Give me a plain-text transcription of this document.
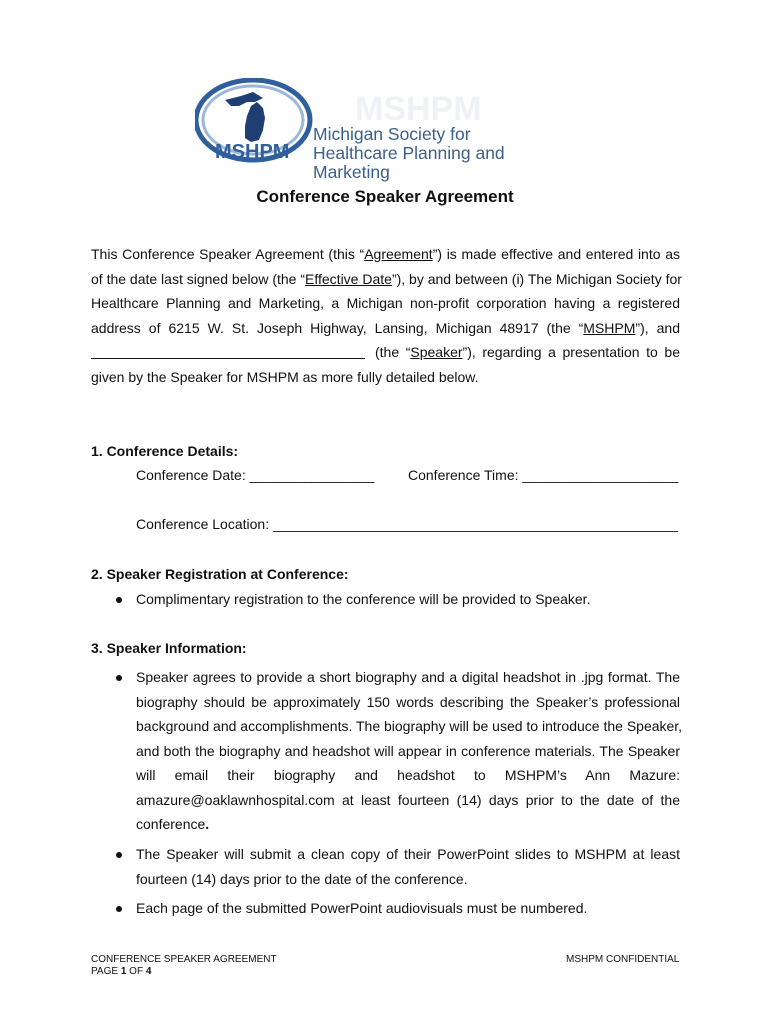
MSHPM
MSHPM
Michigan Society for
Healthcare Planning and Marketing
Conference Speaker Agreement
This Conference Speaker Agreement (this “Agreement”) is made effective and entered into as
of the date last signed below (the “Effective Date”), by and between (i) The Michigan Society for
Healthcare Planning and Marketing, a Michigan non-profit corporation having a registered
address of 6215 W. St. Joseph Highway, Lansing, Michigan 48917 (the “MSHPM”), and
(the “Speaker”), regarding a presentation to be
given by the Speaker for MSHPM as more fully detailed below.
1. Conference Details:
Conference Date: ________________ Conference Time: ____________________
Conference Location: ____________________________________________________
2. Speaker Registration at Conference:
Complimentary registration to the conference will be provided to Speaker.
3. Speaker Information:
Speaker agrees to provide a short biography and a digital headshot in .jpg format. The
biography should be approximately 150 words describing the Speaker’s professional
background and accomplishments. The biography will be used to introduce the Speaker,
and both the biography and headshot will appear in conference materials. The Speaker
will email their biography and headshot to MSHPM’s Ann Mazure:
amazure@oaklawnhospital.com at least fourteen (14) days prior to the date of the
conference.
The Speaker will submit a clean copy of their PowerPoint slides to MSHPM at least
fourteen (14) days prior to the date of the conference.
Each page of the submitted PowerPoint audiovisuals must be numbered.
CONFERENCE SPEAKER AGREEMENT
PAGE 1 OF 4
MSHPM CONFIDENTIAL
